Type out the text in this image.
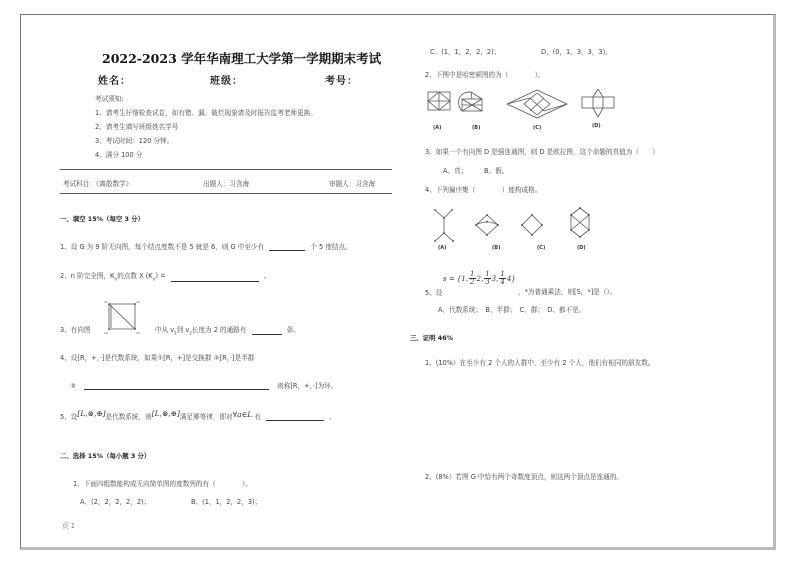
2022-2023 学年华南理工大学第一学期期末考试
姓名：	班级：	考号：
考试须知:
1、请考生仔细检查试卷，如有错、漏、破烂现象请及时报告监考老师更换。
2、请考生填写班级姓名学号
3、考试时间：120 分钟。
4、满分 100 分
考试科目：《离散数学》	出题人：习含海	审题人：习含海
一、填空 15%（每空 3 分）
1、设 G 为 9 阶无向图，每个结点度数不是 5 就是 6，则 G 中至少有	个 5 度结点。
2、n 阶完全图，$K_n$的点数 X $(K_n)$ =	。
3、有向图
v1	v2
v4	v3 中从 $v_1$到 $v_2$长度为 2 的通路有	条。
4、设[R，+，·]是代数系统，如果①[R，+]是交换群 ②[R，·]是半群
③	则称[R，+，·]为环。
5、设[L,⊗,⊕]是代数系统，则[L,⊗,⊕]满足幂等律，即对∀a∈L 有	。
二、选择 15%（每小题 3 分）
1、下面四组数能构成无向简单图的度数列的有（　　　　）。
A、(2，2，2，2，2)；	B、(1，1，2，2，3)；
页 1
C、(1，1，2，2，2)；	D、(0，1，3，3，3)。
2、下图中是哈密顿图的为（　　　　）。
(A)	(B)	(C)	(D)
3、如果一个有向图 D 是强连通图，则 D 是欧拉图，这个命题的真值为（　　）
A、真；	B、假。
4、下列偏序集（　　　　）能构成格。
(A)	(B)	(C)	(D)
5、设
s = {1, $\frac{1}{2} 2$, $\frac{1}{3} 3$, $\frac{1}{4} 4$}
，*为普通乘法，则[S，*]是（）。
A、代数系统；　B、半群；　C、群；　D、都不是。
三、证明 46%
1、(10%）在至少有 2 个人的人群中，至少有 2 个人，他们有相同的朋友数。
2、(8%）若图 G 中恰有两个奇数度顶点，则这两个顶点是连通的。
